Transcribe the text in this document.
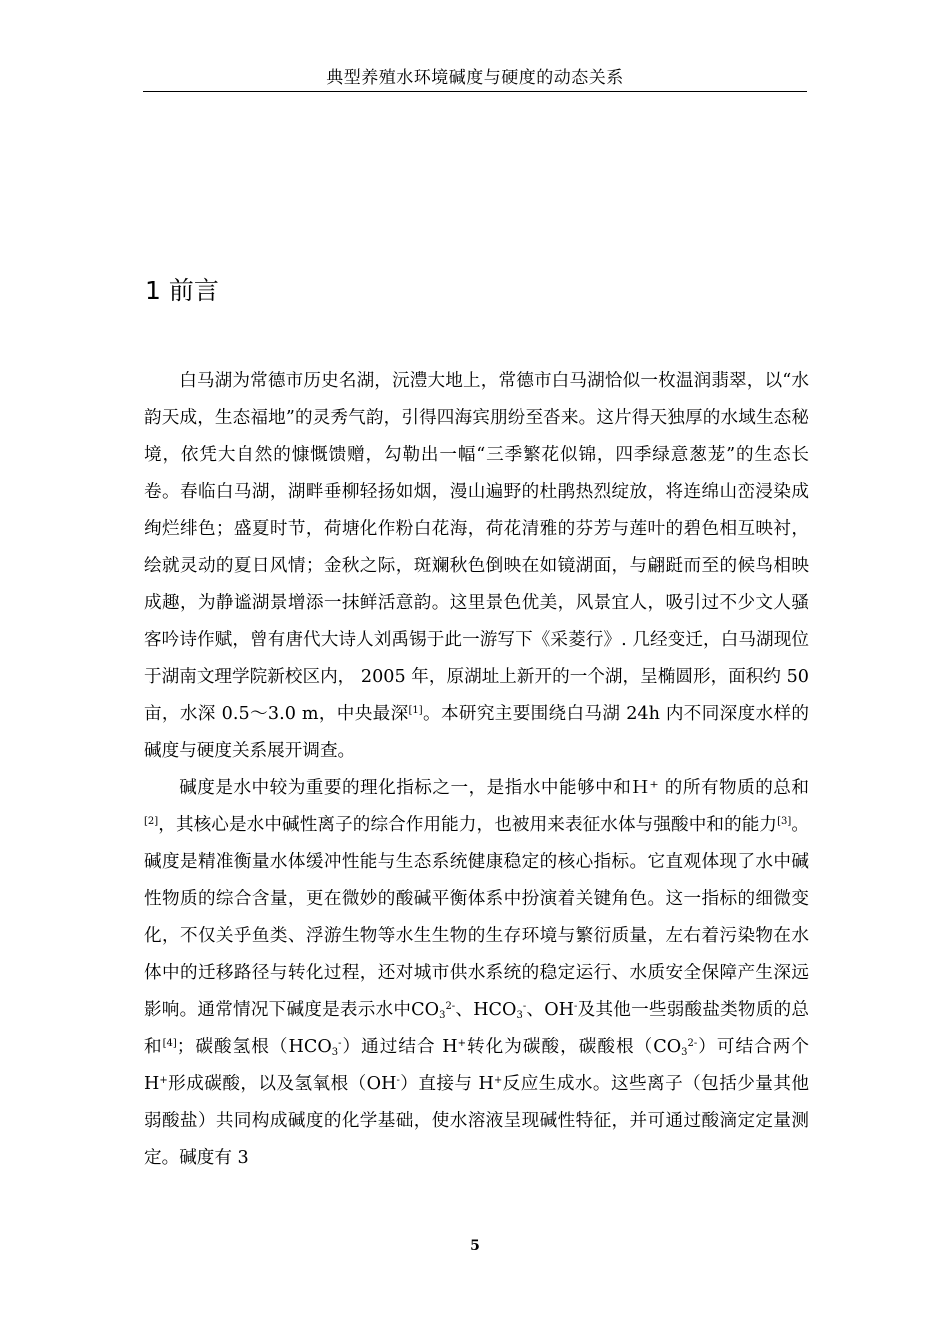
典型养殖水环境碱度与硬度的动态关系
1 前言

白马湖为常德市历史名湖，沅澧大地上，常德市白马湖恰似一枚温润翡翠，以“水韵天成，生态福地”的灵秀气韵，引得四海宾朋纷至沓来。这片得天独厚的水域生态秘境，依凭大自然的慷慨馈赠，勾勒出一幅“三季繁花似锦，四季绿意葱茏”的生态长卷。春临白马湖，湖畔垂柳轻扬如烟，漫山遍野的杜鹃热烈绽放，将连绵山峦浸染成绚烂绯色；盛夏时节，荷塘化作粉白花海，荷花清雅的芬芳与莲叶的碧色相互映衬，绘就灵动的夏日风情；金秋之际，斑斓秋色倒映在如镜湖面，与翩跹而至的候鸟相映成趣，为静谧湖景增添一抹鲜活意韵。这里景色优美，风景宜人，吸引过不少文人骚客吟诗作赋，曾有唐代大诗人刘禹锡于此一游写下《采菱行》. 几经变迁，白马湖现位于湖南文理学院新校区内， 2005 年，原湖址上新开的一个湖，呈椭圆形，面积约 50 亩，水深 0.5～3.0 m，中央最深[1]。本研究主要围绕白马湖 24h 内不同深度水样的碱度与硬度关系展开调查。

碱度是水中较为重要的理化指标之一，是指水中能够中和Ｈ⁺ 的所有物质的总和[2]，其核心是水中碱性离子的综合作用能力，也被用来表征水体与强酸中和的能力[3]。碱度是精准衡量水体缓冲性能与生态系统健康稳定的核心指标。它直观体现了水中碱性物质的综合含量，更在微妙的酸碱平衡体系中扮演着关键角色。这一指标的细微变化，不仅关乎鱼类、浮游生物等水生生物的生存环境与繁衍质量，左右着污染物在水体中的迁移路径与转化过程，还对城市供水系统的稳定运行、水质安全保障产生深远影响。通常情况下碱度是表示水中$CO_3^{2-}$、$HCO_3^-$、OH-及其他一些弱酸盐类物质的总和[4]；碳酸氢根$(HCO_3^-)$通过结合 H+转化为碳酸，碳酸根$(CO_3^{2-})$可结合两个 H+形成碳酸，以及氢氧根（OH-）直接与 H+反应生成水。这些离子（包括少量其他弱酸盐）共同构成碱度的化学基础，使水溶液呈现碱性特征，并可通过酸滴定定量测定。碱度有 3

5
